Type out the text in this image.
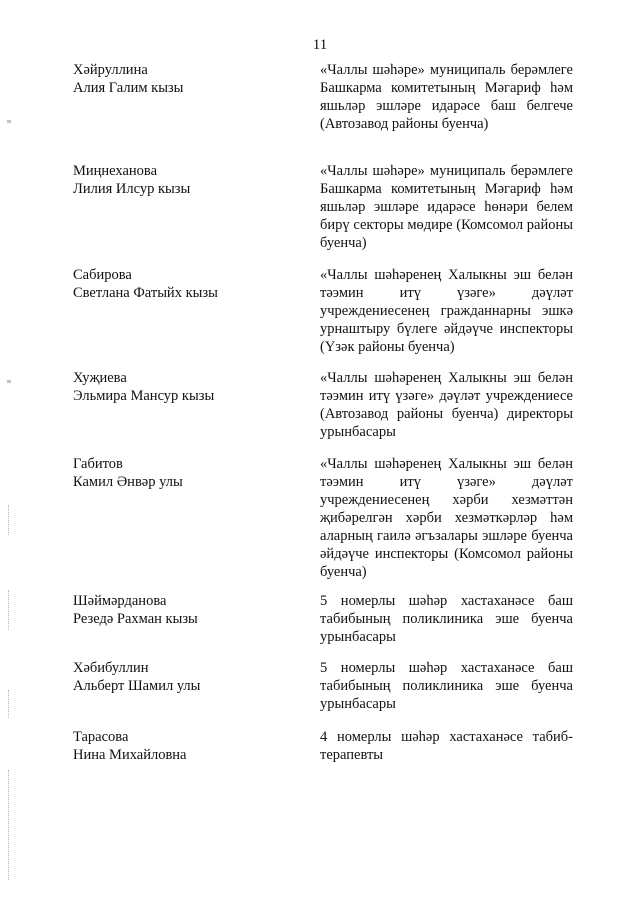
11
Хәйруллина
Алия Галим кызы
«Чаллы шәһәре» муниципаль берәмлеге Башкарма комитетының Мәгариф һәм яшьләр эшләре идарәсе баш белгече (Автозавод районы буенча)
Миңнеханова
Лилия Илсур кызы
«Чаллы шәһәре» муниципаль берәмлеге Башкарма комитетының Мәгариф һәм яшьләр эшләре идарәсе һөнәри белем бирү секторы мөдире (Комсомол районы буенча)
Сабирова
Светлана Фатыйх кызы
«Чаллы шәһәренең Халыкны эш белән тәэмин итү үзәге» дәүләт учреждениесенең гражданнарны эшкә урнаштыру бүлеге әйдәүче инспекторы (Үзәк районы буенча)
Хуҗиева
Эльмира Мансур кызы
«Чаллы шәһәренең Халыкны эш белән тәэмин итү үзәге» дәүләт учреждениесе (Автозавод районы буенча) директоры урынбасары
Габитов
Камил Әнвәр улы
«Чаллы шәһәренең Халыкны эш белән тәэмин итү үзәге» дәүләт учреждениесенең хәрби хезмәттән җибәрелгән хәрби хезмәткәрләр һәм аларның гаилә әгъзалары эшләре буенча әйдәүче инспекторы (Комсомол районы буенча)
Шәймәрданова
Резедә Рахман кызы
5 номерлы шәһәр хастаханәсе баш табибының поликлиника эше буенча урынбасары
Хәбибуллин
Альберт Шамил улы
5 номерлы шәһәр хастаханәсе баш табибының поликлиника эше буенча урынбасары
Тарасова
Нина Михайловна
4 номерлы шәһәр хастаханәсе табибтерапевты
